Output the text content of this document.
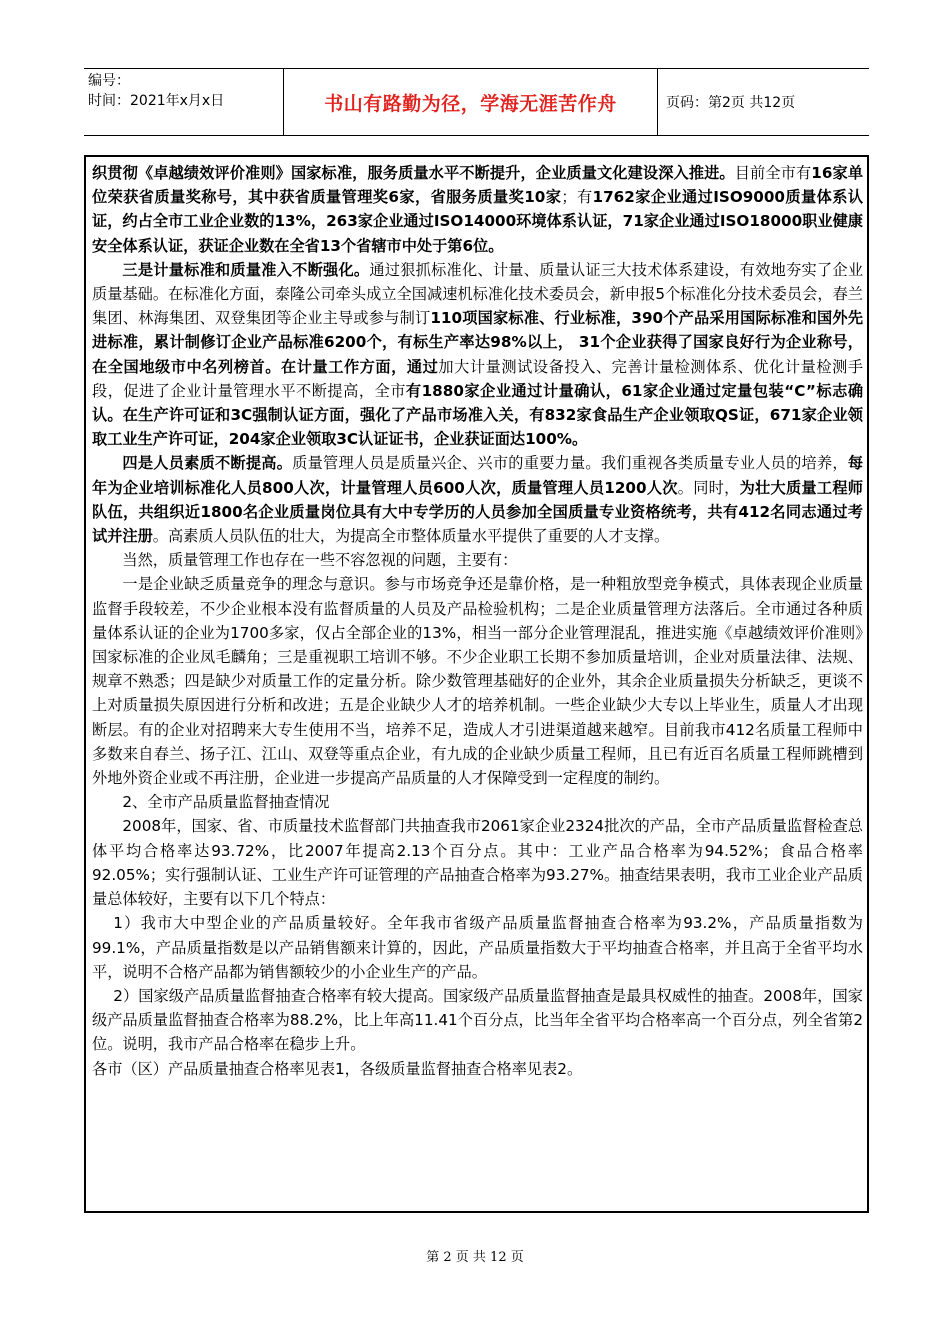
编号：
时间：2021年x月x日	书山有路勤为径，学海无涯苦作舟	页码：第2页 共12页

织贯彻《卓越绩效评价准则》国家标准，服务质量水平不断提升，企业质量文化建设深入推进。目前全市有16家单位荣获省质量奖称号，其中获省质量管理奖6家，省服务质量奖10家；有1762家企业通过ISO9000质量体系认证，约占全市工业企业数的13%，263家企业通过ISO14000环境体系认证，71家企业通过ISO18000职业健康安全体系认证，获证企业数在全省13个省辖市中处于第6位。

三是计量标准和质量准入不断强化。通过狠抓标准化、计量、质量认证三大技术体系建设，有效地夯实了企业质量基础。在标准化方面，泰隆公司牵头成立全国减速机标准化技术委员会，新申报5个标准化分技术委员会，春兰集团、林海集团、双登集团等企业主导或参与制订110项国家标准、行业标准，390个产品采用国际标准和国外先进标准，累计制修订企业产品标准6200个，有标生产率达98%以上， 31个企业获得了国家良好行为企业称号，在全国地级市中名列榜首。在计量工作方面，通过加大计量测试设备投入、完善计量检测体系、优化计量检测手段，促进了企业计量管理水平不断提高，全市有1880家企业通过计量确认，61家企业通过定量包装“C”标志确认。在生产许可证和3C强制认证方面，强化了产品市场准入关，有832家食品生产企业领取QS证，671家企业领取工业生产许可证，204家企业领取3C认证证书，企业获证面达100%。

四是人员素质不断提高。质量管理人员是质量兴企、兴市的重要力量。我们重视各类质量专业人员的培养，每年为企业培训标准化人员800人次，计量管理人员600人次，质量管理人员1200人次。同时，为壮大质量工程师队伍，共组织近1800名企业质量岗位具有大中专学历的人员参加全国质量专业资格统考，共有412名同志通过考试并注册。高素质人员队伍的壮大，为提高全市整体质量水平提供了重要的人才支撑。

当然，质量管理工作也存在一些不容忽视的问题，主要有：

一是企业缺乏质量竞争的理念与意识。参与市场竞争还是靠价格，是一种粗放型竞争模式，具体表现企业质量监督手段较差，不少企业根本没有监督质量的人员及产品检验机构；二是企业质量管理方法落后。全市通过各种质量体系认证的企业为1700多家，仅占全部企业的13%，相当一部分企业管理混乱，推进实施《卓越绩效评价准则》国家标准的企业凤毛麟角；三是重视职工培训不够。不少企业职工长期不参加质量培训，企业对质量法律、法规、规章不熟悉；四是缺少对质量工作的定量分析。除少数管理基础好的企业外，其余企业质量损失分析缺乏，更谈不上对质量损失原因进行分析和改进；五是企业缺少人才的培养机制。一些企业缺少大专以上毕业生，质量人才出现断层。有的企业对招聘来大专生使用不当，培养不足，造成人才引进渠道越来越窄。目前我市412名质量工程师中多数来自春兰、扬子江、江山、双登等重点企业，有九成的企业缺少质量工程师，且已有近百名质量工程师跳槽到外地外资企业或不再注册，企业进一步提高产品质量的人才保障受到一定程度的制约。

2、全市产品质量监督抽查情况

2008年，国家、省、市质量技术监督部门共抽查我市2061家企业2324批次的产品，全市产品质量监督检查总体平均合格率达93.72%，比2007年提高2.13个百分点。其中：工业产品合格率为94.52%；食品合格率92.05%；实行强制认证、工业生产许可证管理的产品抽查合格率为93.27%。抽查结果表明，我市工业企业产品质量总体较好，主要有以下几个特点：

1）我市大中型企业的产品质量较好。全年我市省级产品质量监督抽查合格率为93.2%，产品质量指数为99.1%，产品质量指数是以产品销售额来计算的，因此，产品质量指数大于平均抽查合格率，并且高于全省平均水平，说明不合格产品都为销售额较少的小企业生产的产品。

2）国家级产品质量监督抽查合格率有较大提高。国家级产品质量监督抽查是最具权威性的抽查。2008年，国家级产品质量监督抽查合格率为88.2%，比上年高11.41个百分点，比当年全省平均合格率高一个百分点，列全省第2位。说明，我市产品合格率在稳步上升。

各市（区）产品质量抽查合格率见表1，各级质量监督抽查合格率见表2。

第 2 页 共 12 页
